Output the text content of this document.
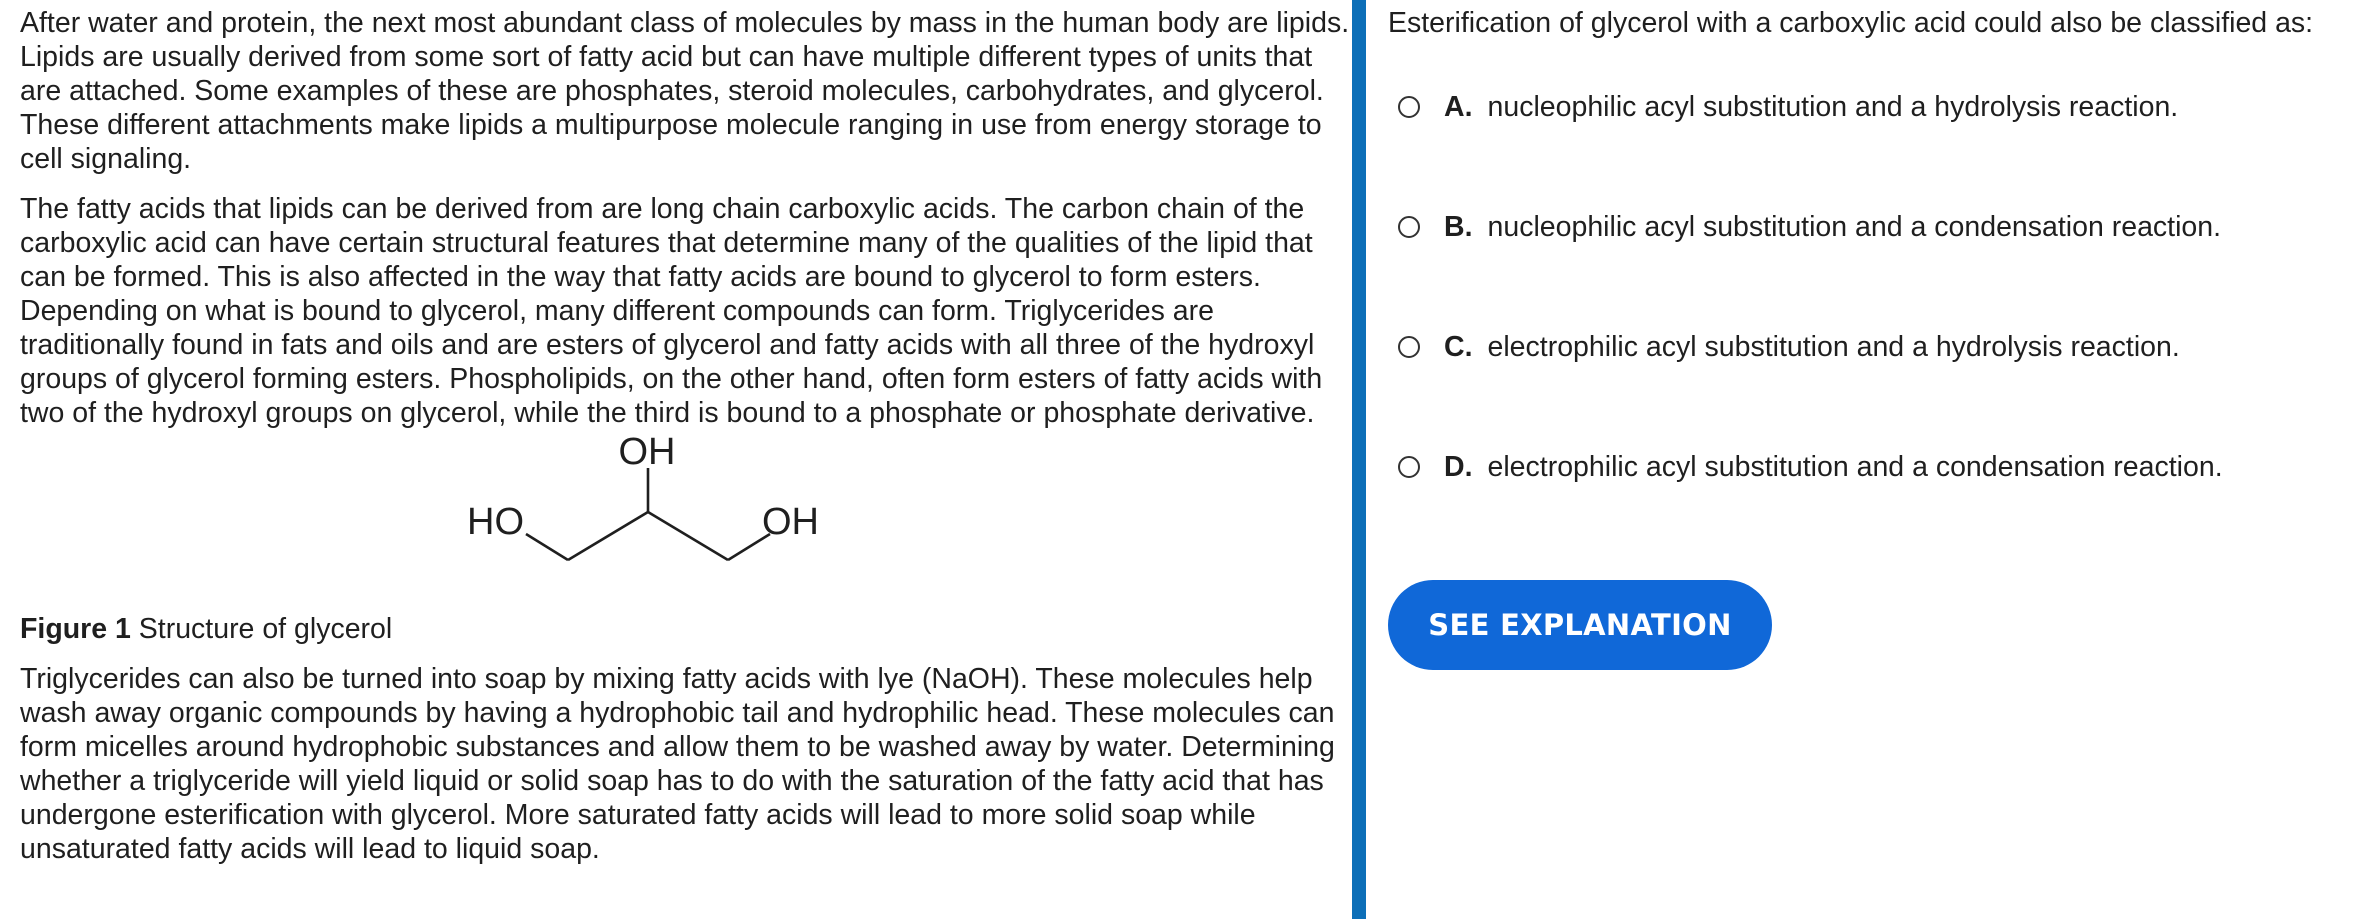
After water and protein, the next most abundant class of molecules by mass in the human body are lipids. Lipids are usually derived from some sort of fatty acid but can have multiple different types of units that are attached. Some examples of these are phosphates, steroid molecules, carbohydrates, and glycerol. These different attachments make lipids a multipurpose molecule ranging in use from energy storage to cell signaling.

The fatty acids that lipids can be derived from are long chain carboxylic acids. The carbon chain of the carboxylic acid can have certain structural features that determine many of the qualities of the lipid that can be formed. This is also affected in the way that fatty acids are bound to glycerol to form esters. Depending on what is bound to glycerol, many different compounds can form. Triglycerides are traditionally found in fats and oils and are esters of glycerol and fatty acids with all three of the hydroxyl groups of glycerol forming esters. Phospholipids, on the other hand, often form esters of fatty acids with two of the hydroxyl groups on glycerol, while the third is bound to a phosphate or phosphate derivative.

OH
HO	OH

Figure 1 Structure of glycerol

Triglycerides can also be turned into soap by mixing fatty acids with lye (NaOH). These molecules help wash away organic compounds by having a hydrophobic tail and hydrophilic head. These molecules can form micelles around hydrophobic substances and allow them to be washed away by water. Determining whether a triglyceride will yield liquid or solid soap has to do with the saturation of the fatty acid that has undergone esterification with glycerol. More saturated fatty acids will lead to more solid soap while unsaturated fatty acids will lead to liquid soap.

Esterification of glycerol with a carboxylic acid could also be classified as:

A. nucleophilic acyl substitution and a hydrolysis reaction.
B. nucleophilic acyl substitution and a condensation reaction.
C. electrophilic acyl substitution and a hydrolysis reaction.
D. electrophilic acyl substitution and a condensation reaction.
SEE EXPLANATION
